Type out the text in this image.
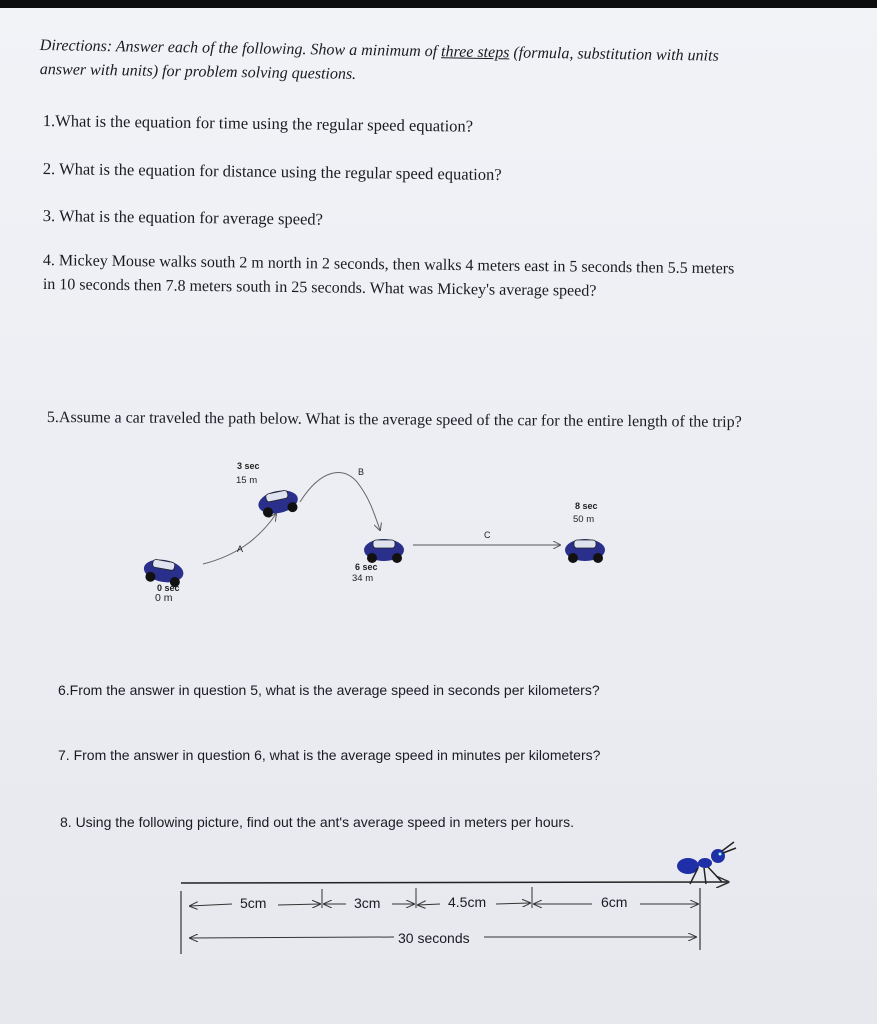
Directions: Answer each of the following. Show a minimum of three steps (formula, substitution with units
answer with units) for problem solving questions.
1.What is the equation for time using the regular speed equation?
2. What is the equation for distance using the regular speed equation?
3. What is the equation for average speed?
4. Mickey Mouse walks south 2 m north in 2 seconds, then walks 4 meters east in 5 seconds then 5.5 meters
in 10 seconds then 7.8 meters south in 25 seconds. What was Mickey's average speed?
5.Assume a car traveled the path below. What is the average speed of the car for the entire length of the trip?
3 sec
15 m
B
A
C
6 sec
34 m
8 sec
50 m
0 sec
0 m
6.From the answer in question 5, what is the average speed in seconds per kilometers?
7. From the answer in question 6, what is the average speed in minutes per kilometers?
8. Using the following picture, find out the ant's average speed in meters per hours.
5cm	3cm	4.5cm	6cm
30 seconds
